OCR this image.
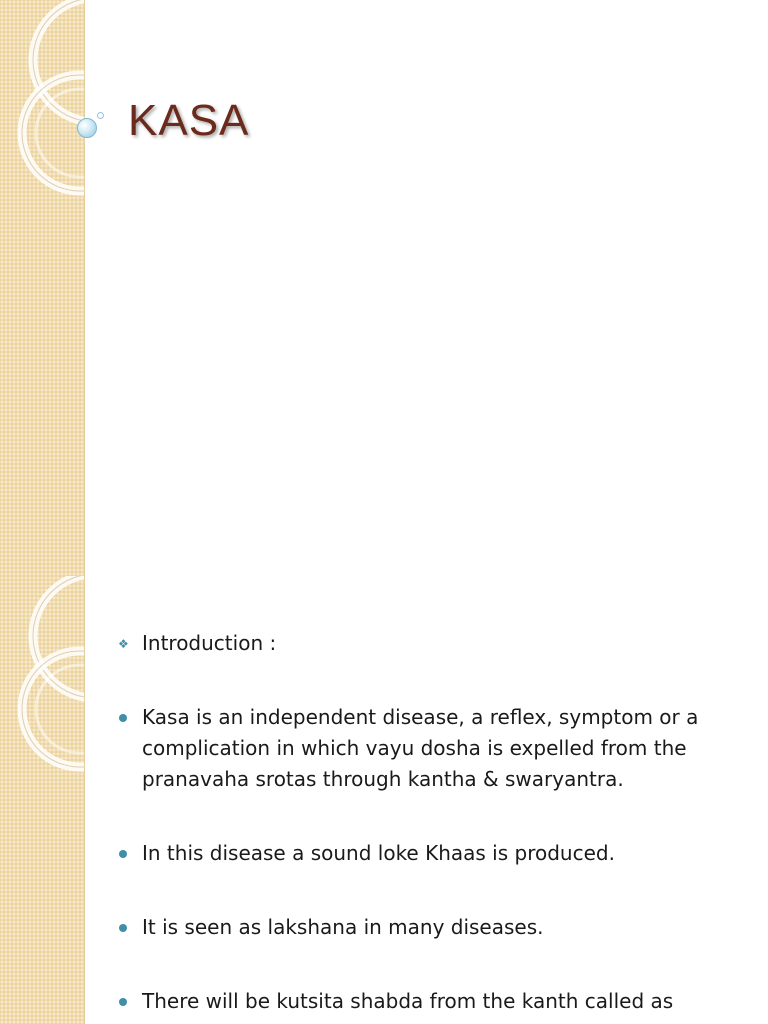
KASA

❖ Introduction :

Kasa is an independent disease, a reflex, symptom or a complication in which vayu dosha is expelled from the pranavaha srotas through kantha & swaryantra.

In this disease a sound loke Khaas is produced.

It is seen as lakshana in many diseases.

There will be kutsita shabda from the kanth called as
